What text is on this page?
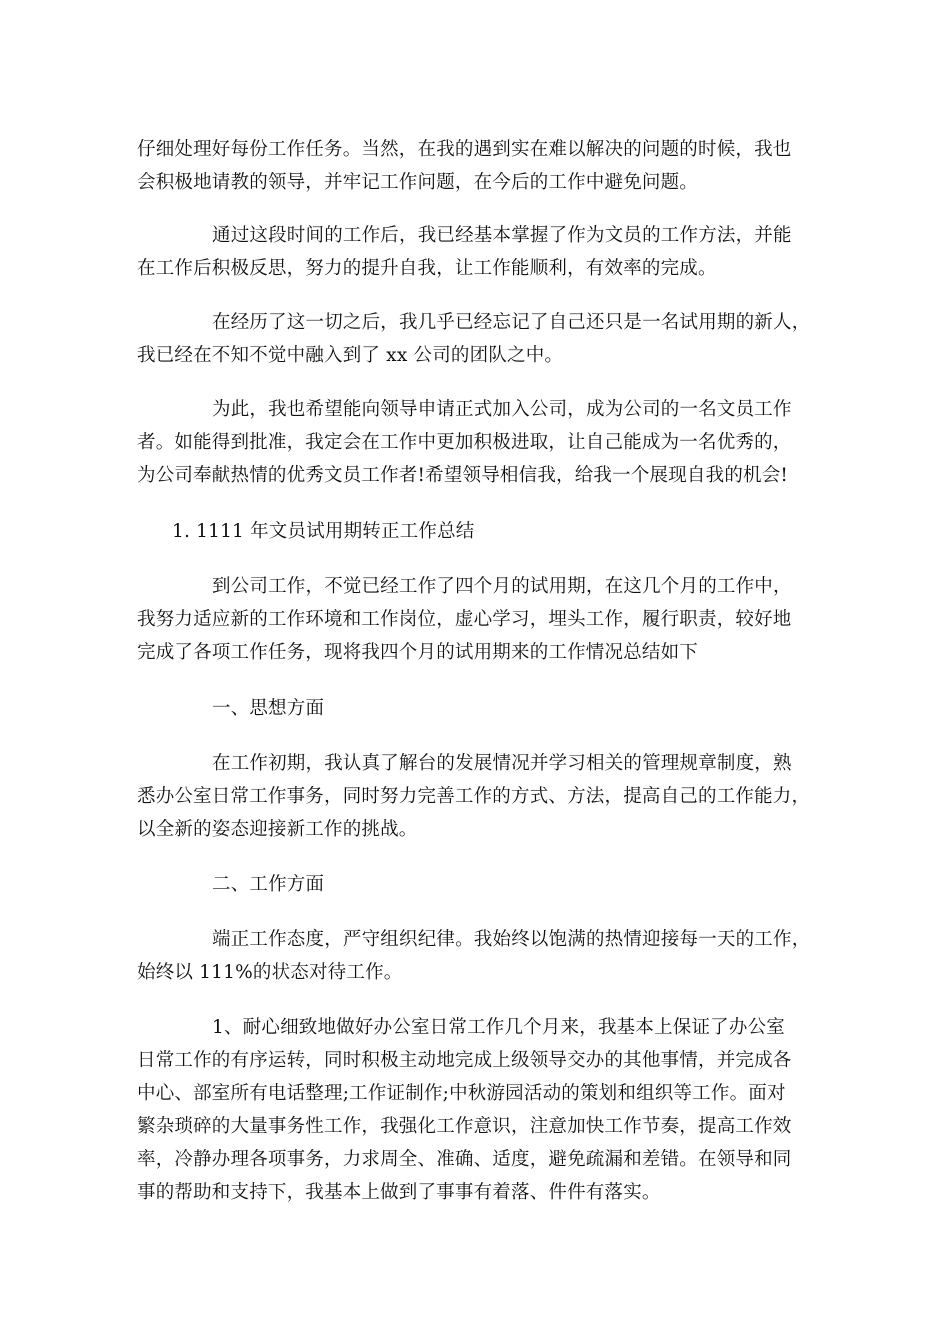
仔细处理好每份工作任务。当然，在我的遇到实在难以解决的问题的时候，我也
会积极地请教的领导，并牢记工作问题，在今后的工作中避免问题。
通过这段时间的工作后，我已经基本掌握了作为文员的工作方法，并能
在工作后积极反思，努力的提升自我，让工作能顺利，有效率的完成。
在经历了这一切之后，我几乎已经忘记了自己还只是一名试用期的新人，
我已经在不知不觉中融入到了 xx 公司的团队之中。
为此，我也希望能向领导申请正式加入公司，成为公司的一名文员工作
者。如能得到批准，我定会在工作中更加积极进取，让自己能成为一名优秀的，
为公司奉献热情的优秀文员工作者!希望领导相信我，给我一个展现自我的机会!
1. 1111 年文员试用期转正工作总结
到公司工作，不觉已经工作了四个月的试用期，在这几个月的工作中，
我努力适应新的工作环境和工作岗位，虚心学习，埋头工作，履行职责，较好地
完成了各项工作任务，现将我四个月的试用期来的工作情况总结如下
一、思想方面
在工作初期，我认真了解台的发展情况并学习相关的管理规章制度，熟
悉办公室日常工作事务，同时努力完善工作的方式、方法，提高自己的工作能力，
以全新的姿态迎接新工作的挑战。
二、工作方面
端正工作态度，严守组织纪律。我始终以饱满的热情迎接每一天的工作，
始终以 111%的状态对待工作。
1、耐心细致地做好办公室日常工作几个月来，我基本上保证了办公室
日常工作的有序运转，同时积极主动地完成上级领导交办的其他事情，并完成各
中心、部室所有电话整理;工作证制作;中秋游园活动的策划和组织等工作。面对
繁杂琐碎的大量事务性工作，我强化工作意识，注意加快工作节奏，提高工作效
率，冷静办理各项事务，力求周全、准确、适度，避免疏漏和差错。在领导和同
事的帮助和支持下，我基本上做到了事事有着落、件件有落实。
